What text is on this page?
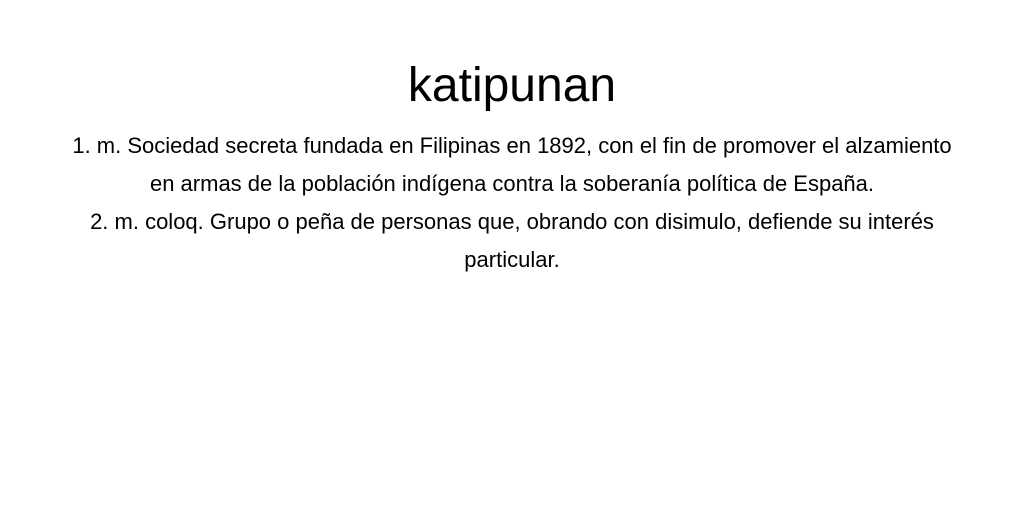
katipunan

1. m. Sociedad secreta fundada en Filipinas en 1892, con el fin de promover el alzamiento en armas de la población indígena contra la soberanía política de España.

2. m. coloq. Grupo o peña de personas que, obrando con disimulo, defiende su interés particular.
